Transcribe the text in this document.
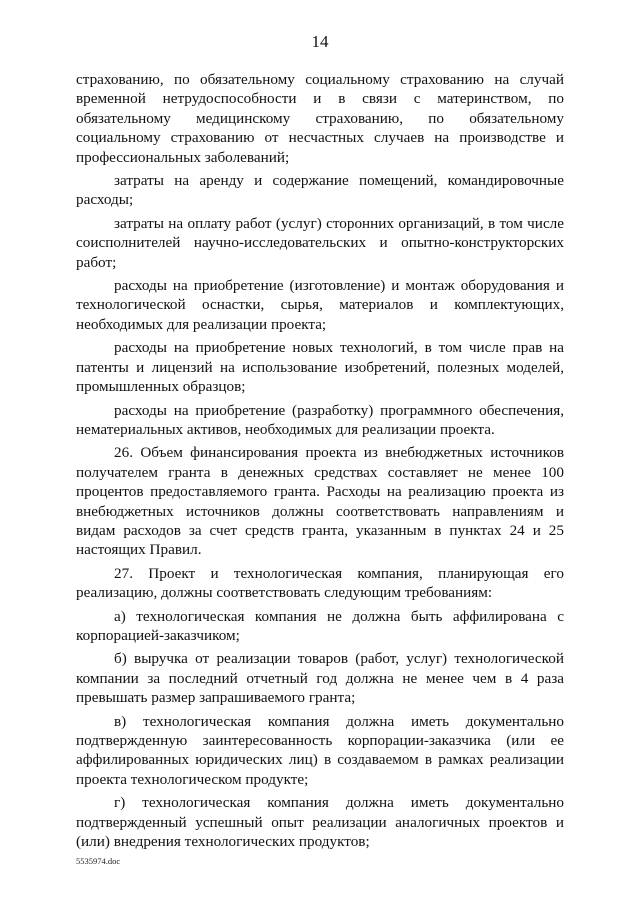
14

страхованию, по обязательному социальному страхованию на случай временной нетрудоспособности и в связи с материнством, по обязательному медицинскому страхованию, по обязательному социальному страхованию от несчастных случаев на производстве и профессиональных заболеваний;

затраты на аренду и содержание помещений, командировочные расходы;

затраты на оплату работ (услуг) сторонних организаций, в том числе соисполнителей научно-исследовательских и опытно-конструкторских работ;

расходы на приобретение (изготовление) и монтаж оборудования и технологической оснастки, сырья, материалов и комплектующих, необходимых для реализации проекта;

расходы на приобретение новых технологий, в том числе прав на патенты и лицензий на использование изобретений, полезных моделей, промышленных образцов;

расходы на приобретение (разработку) программного обеспечения, нематериальных активов, необходимых для реализации проекта.

26. Объем финансирования проекта из внебюджетных источников получателем гранта в денежных средствах составляет не менее 100 процентов предоставляемого гранта. Расходы на реализацию проекта из внебюджетных источников должны соответствовать направлениям и видам расходов за счет средств гранта, указанным в пунктах 24 и 25 настоящих Правил.

27. Проект и технологическая компания, планирующая его реализацию, должны соответствовать следующим требованиям:

а) технологическая компания не должна быть аффилирована с корпорацией-заказчиком;

б) выручка от реализации товаров (работ, услуг) технологической компании за последний отчетный год должна не менее чем в 4 раза превышать размер запрашиваемого гранта;

в) технологическая компания должна иметь документально подтвержденную заинтересованность корпорации-заказчика (или ее аффилированных юридических лиц) в создаваемом в рамках реализации проекта технологическом продукте;

г) технологическая компания должна иметь документально подтвержденный успешный опыт реализации аналогичных проектов и (или) внедрения технологических продуктов;

5535974.doc
